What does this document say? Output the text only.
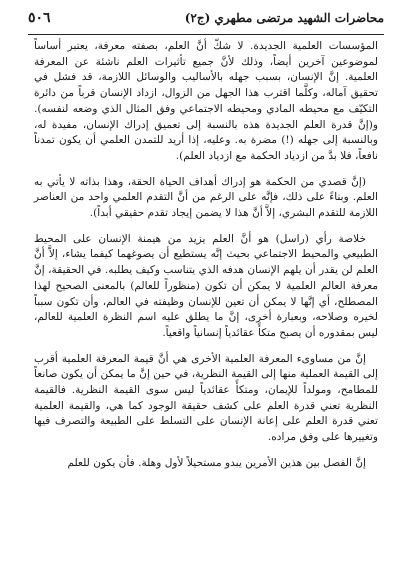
محاضرات الشهيد مرتضى مطهري (ج٢)
٥٠٦

المؤسسات العلمية الجديدة. لا شكّ أنَّ العلم، بصفته معرفة، يعتبر أساساً لموضوعين آخرين أيضاً، وذلك لأنَّ جميع تأثيرات العلم ناشئة عن المعرفة العلمية. إنَّ الإنسان، بسبب جهله بالأساليب والوسائل اللازمة، قد فشل في تحقيق آماله، وكلَّما اقترب هذا الجهل من الزوال، ازداد الإنسان قرباً من دائرة التكيّف مع محيطه المادي ومحيطه الاجتماعي وفق المثال الذي وضعه لنفسه). و(إنَّ قدرة العلم الجديدة هذه بالنسبة إلى تعميق إدراك الإنسان، مفيدة له، وبالنسبة إلى جهله (!) مضرة به. وعليه، إذا أريد للتمدن العلمي أن يكون تمدناً نافعاً، فلا بدَّ من ازدياد الحكمة مع ازدياد العلم).

(إنَّ قصدي من الحكمة هو إدراك أهداف الحياة الحقة، وهذا بذاته لا يأتي به العلم. وبناءً على ذلك، فإنَّه على الرغم من أنَّ التقدم العلمي واحد من العناصر اللازمة للتقدم البشري، إلاَّ أنَّ هذا لا يضمن إيجاد تقدم حقيقي أبداً).

خلاصة رأي (راسل) هو أنَّ العلم يزيد من هيمنة الإنسان على المحيط الطبيعي والمحيط الاجتماعي بحيث إنَّه يستطيع أن يصوغهما كيفما يشاء، إلاَّ أنَّ العلم لن يقدر أن يلهم الإنسان هدفه الذي يتناسب وكيف يطلبه. في الحقيقة، إنَّ معرفة العالم العلمية لا يمكن أن تكون (منظوراً للعالم) بالمعنى الصحيح لهذا المصطلح، أي إنَّها لا يمكن أن تعين للإنسان وظيفته في العالم، وأن تكون سبباً لخيره وصلاحه، وبعبارة أخرى، إنَّ ما يطلق عليه اسم النظرة العلمية للعالم، ليس بمقدوره أن يصبح متكأً عقائدياً إنسانياً واقعياً.

إنَّ من مساوىء المعرفة العلمية الأخرى هي أنَّ قيمة المعرفة العلمية أقرب إلى القيمة العملية منها إلى القيمة النظرية، في حين إنَّ ما يمكن أن يكون صانعاً للمطامح، ومولداً للإيمان، ومتكأً عقائدياً ليس سوى القيمة النظرية. فالقيمة النظرية تعني قدرة العلم على كشف حقيقة الوجود كما هي، والقيمة العلمية تعني قدرة العلم على إعانة الإنسان على التسلط على الطبيعة والتصرف فيها وتغييرها على وفق مراده.

إنَّ الفصل بين هذين الأمرين يبدو مستحيلاً لأول وهلة. فأن يكون للعلم
